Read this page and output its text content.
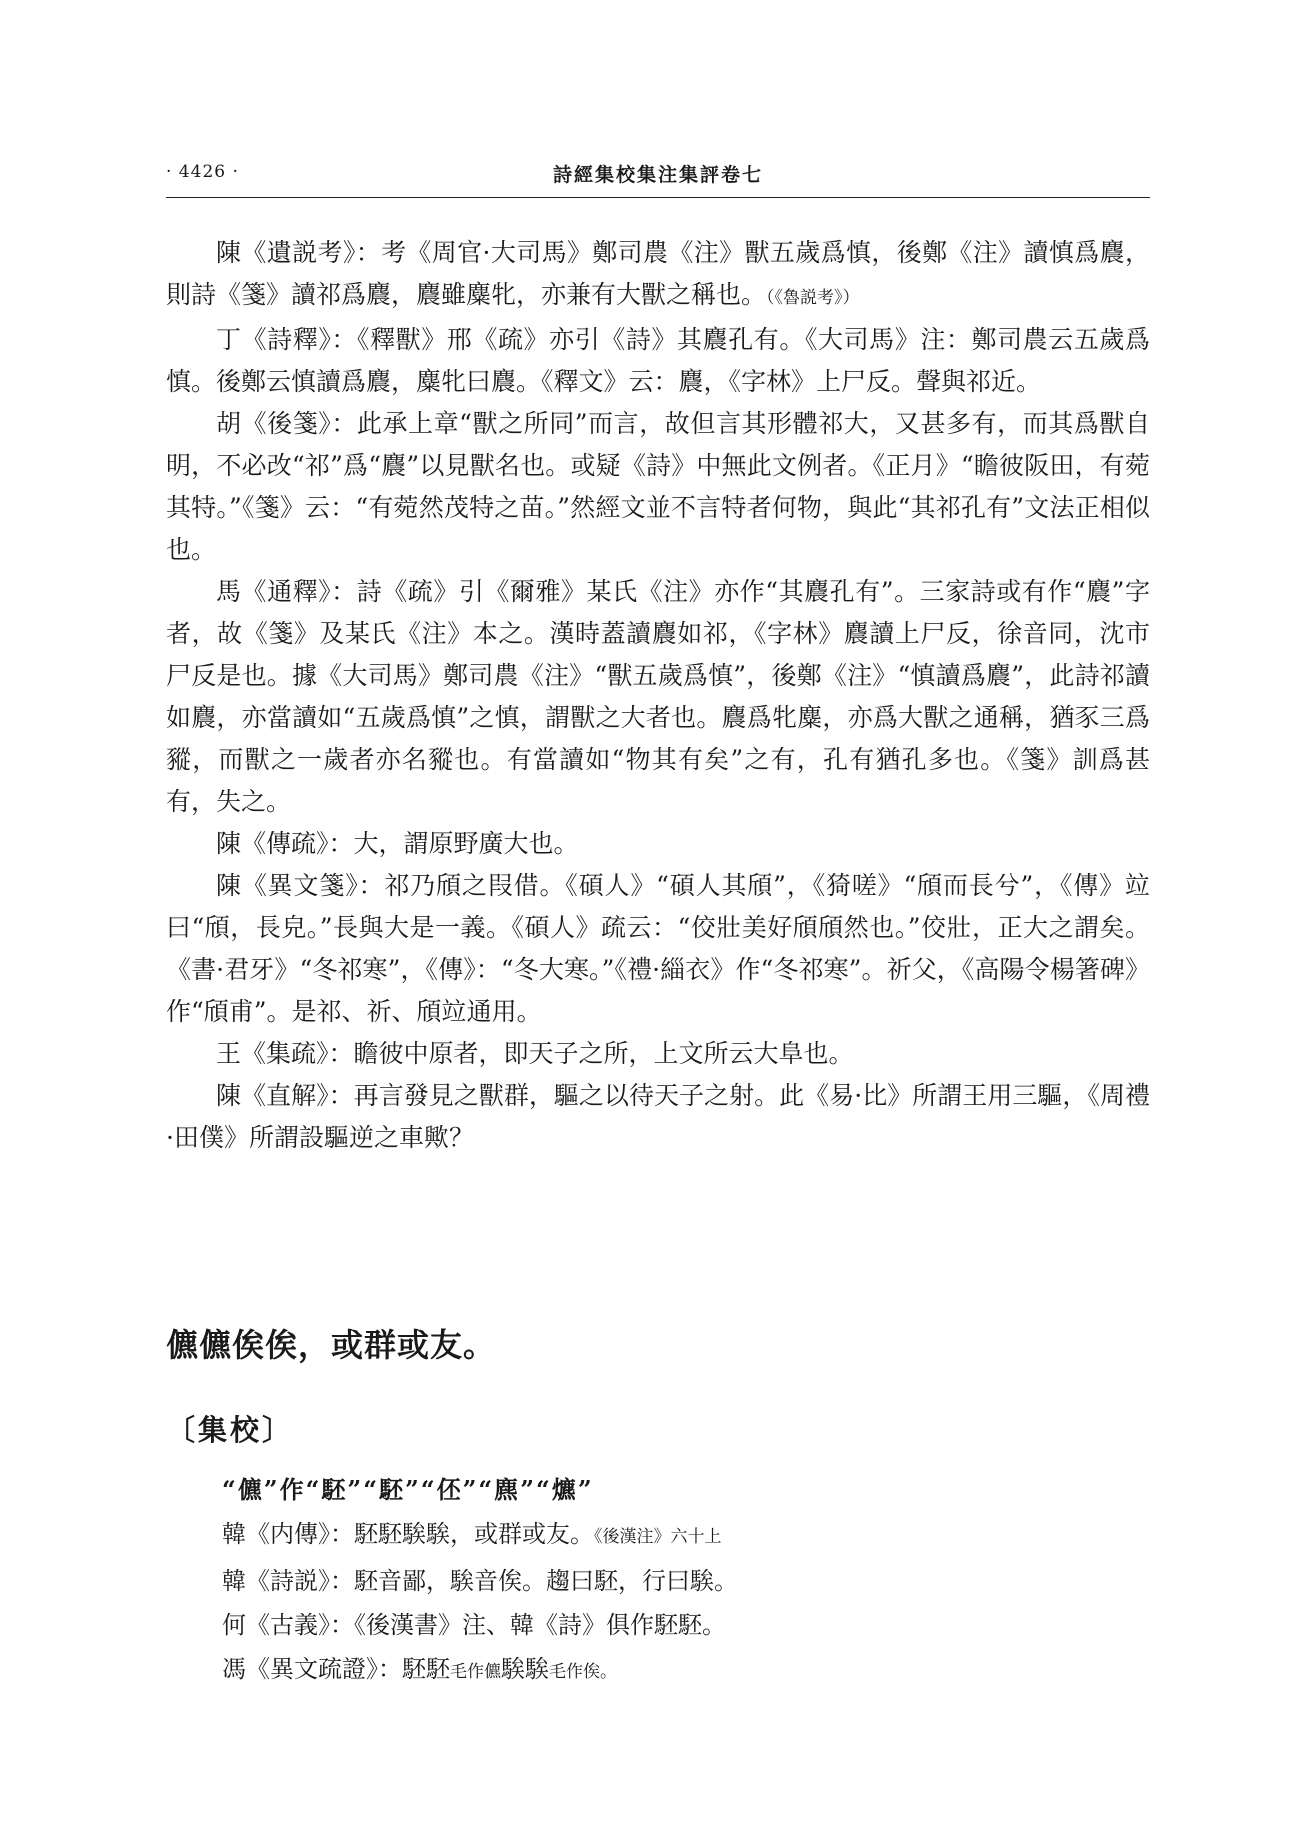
· 4426 ·	詩經集校集注集評卷七

陳《遺説考》：考《周官·大司馬》鄭司農《注》獸五歲爲慎，後鄭《注》讀慎爲麎，則詩《箋》讀祁爲麎，麎雖麋牝，亦兼有大獸之稱也。（《魯説考》）

丁《詩釋》：《釋獸》邢《疏》亦引《詩》其麎孔有。《大司馬》注：鄭司農云五歲爲慎。後鄭云慎讀爲麎，麋牝曰麎。《釋文》云：麎，《字林》上尸反。聲與祁近。

胡《後箋》：此承上章“獸之所同”而言，故但言其形體祁大，又甚多有，而其爲獸自明，不必改“祁”爲“麎”以見獸名也。或疑《詩》中無此文例者。《正月》“瞻彼阪田，有菀其特。”《箋》云：“有菀然茂特之苗。”然經文並不言特者何物，與此“其祁孔有”文法正相似也。

馬《通釋》：詩《疏》引《爾雅》某氏《注》亦作“其麎孔有”。三家詩或有作“麎”字者，故《箋》及某氏《注》本之。漢時蓋讀麎如祁，《字林》麎讀上尸反，徐音同，沈市尸反是也。據《大司馬》鄭司農《注》“獸五歲爲慎”，後鄭《注》“慎讀爲麎”，此詩祁讀如麎，亦當讀如“五歲爲慎”之慎，謂獸之大者也。麎爲牝麋，亦爲大獸之通稱，猶豕三爲豵，而獸之一歲者亦名豵也。有當讀如“物其有矣”之有，孔有猶孔多也。《箋》訓爲甚有，失之。

陳《傳疏》：大，謂原野廣大也。

陳《異文箋》：祁乃頎之叚借。《碩人》“碩人其頎”，《猗嗟》“頎而長兮”，《傳》竝曰“頎，長皃。”長與大是一義。《碩人》疏云：“佼壯美好頎頎然也。”佼壯，正大之謂矣。《書·君牙》“冬祁寒”，《傳》：“冬大寒。”《禮·緇衣》作“冬祁寒”。祈父，《高陽令楊箸碑》作“頎甫”。是祁、祈、頎竝通用。

王《集疏》：瞻彼中原者，即天子之所，上文所云大阜也。

陳《直解》：再言發見之獸群，驅之以待天子之射。此《易·比》所謂王用三驅，《周禮·田僕》所謂設驅逆之車歟？

儦儦俟俟，或群或友。
〔集校〕

“儦”作“駓”“駓”“伾”“麃”“爊”

韓《内傳》：駓駓騃騃，或群或友。《後漢注》六十上

韓《詩説》：駓音鄙，騃音俟。趨曰駓，行曰騃。

何《古義》：《後漢書》注、韓《詩》俱作駓駓。

馮《異文疏證》：駓駓毛作儦騃騃毛作俟。
